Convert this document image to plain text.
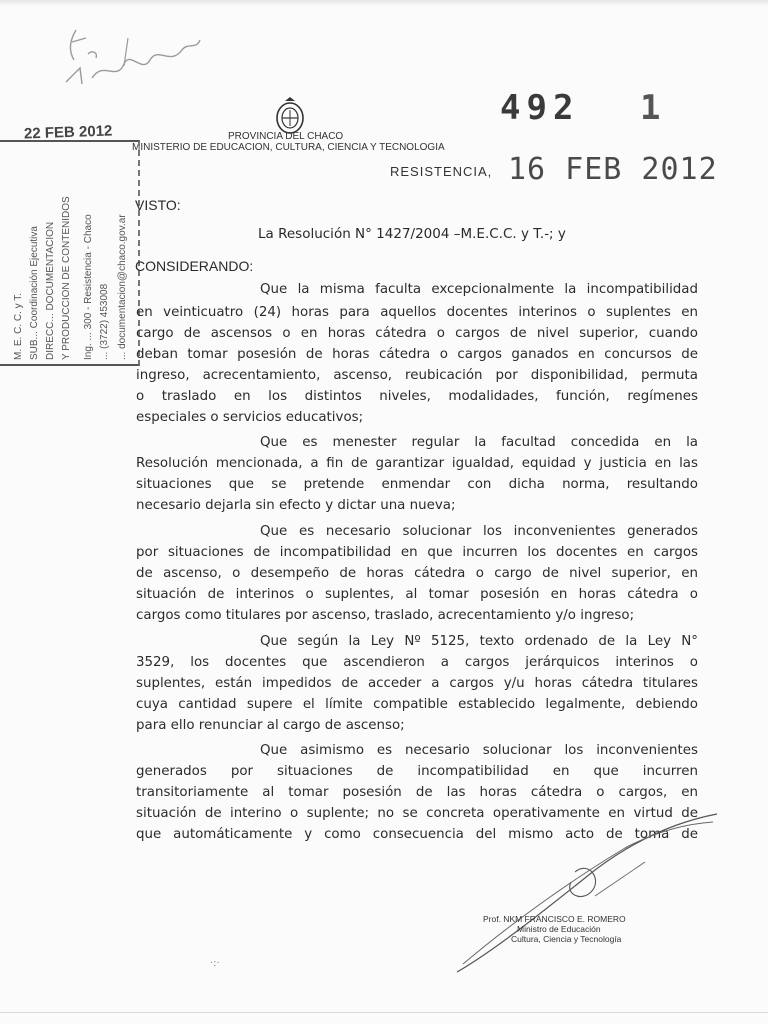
492 1
PROVINCIA DEL CHACO
MINISTERIO DE EDUCACION, CULTURA, CIENCIA Y TECNOLOGIA
22 FEB 2012
M. E. C. C. y T. SUB... Coordinación Ejecutiva DIRECC... DOCUMENTACION Y PRODUCCION DE CONTENIDOS Ing. ... 300 - Resistencia - Chaco ... (3722) 453008 ... documentacion@chaco.gov.ar
RESISTENCIA, 16 FEB 2012
VISTO:
La Resolución N° 1427/2004 –M.E.C.C. y T.-; y
CONSIDERANDO:
Que la misma faculta excepcionalmente la incompatibilidad
en veinticuatro (24) horas para aquellos docentes interinos o suplentes en
cargo de ascensos o en horas cátedra o cargos de nivel superior, cuando
deban tomar posesión de horas cátedra o cargos ganados en concursos de
ingreso, acrecentamiento, ascenso, reubicación por disponibilidad, permuta
o traslado en los distintos niveles, modalidades, función, regímenes
especiales o servicios educativos;
Que es menester regular la facultad concedida en la
Resolución mencionada, a fin de garantizar igualdad, equidad y justicia en las
situaciones que se pretende enmendar con dicha norma, resultando
necesario dejarla sin efecto y dictar una nueva;
Que es necesario solucionar los inconvenientes generados
por situaciones de incompatibilidad en que incurren los docentes en cargos
de ascenso, o desempeño de horas cátedra o cargo de nivel superior, en
situación de interinos o suplentes, al tomar posesión en horas cátedra o
cargos como titulares por ascenso, traslado, acrecentamiento y/o ingreso;
Que según la Ley Nº 5125, texto ordenado de la Ley N°
3529, los docentes que ascendieron a cargos jerárquicos interinos o
suplentes, están impedidos de acceder a cargos y/u horas cátedra titulares
cuya cantidad supere el límite compatible establecido legalmente, debiendo
para ello renunciar al cargo de ascenso;
Que asimismo es necesario solucionar los inconvenientes
generados por situaciones de incompatibilidad en que incurren
transitoriamente al tomar posesión de las horas cátedra o cargos, en
situación de interino o suplente; no se concreta operativamente en virtud de
que automáticamente y como consecuencia del mismo acto de toma de
Prof. NKM FRANCISCO E. ROMERO
Ministro de Educación
Cultura, Ciencia y Tecnología
·:·
